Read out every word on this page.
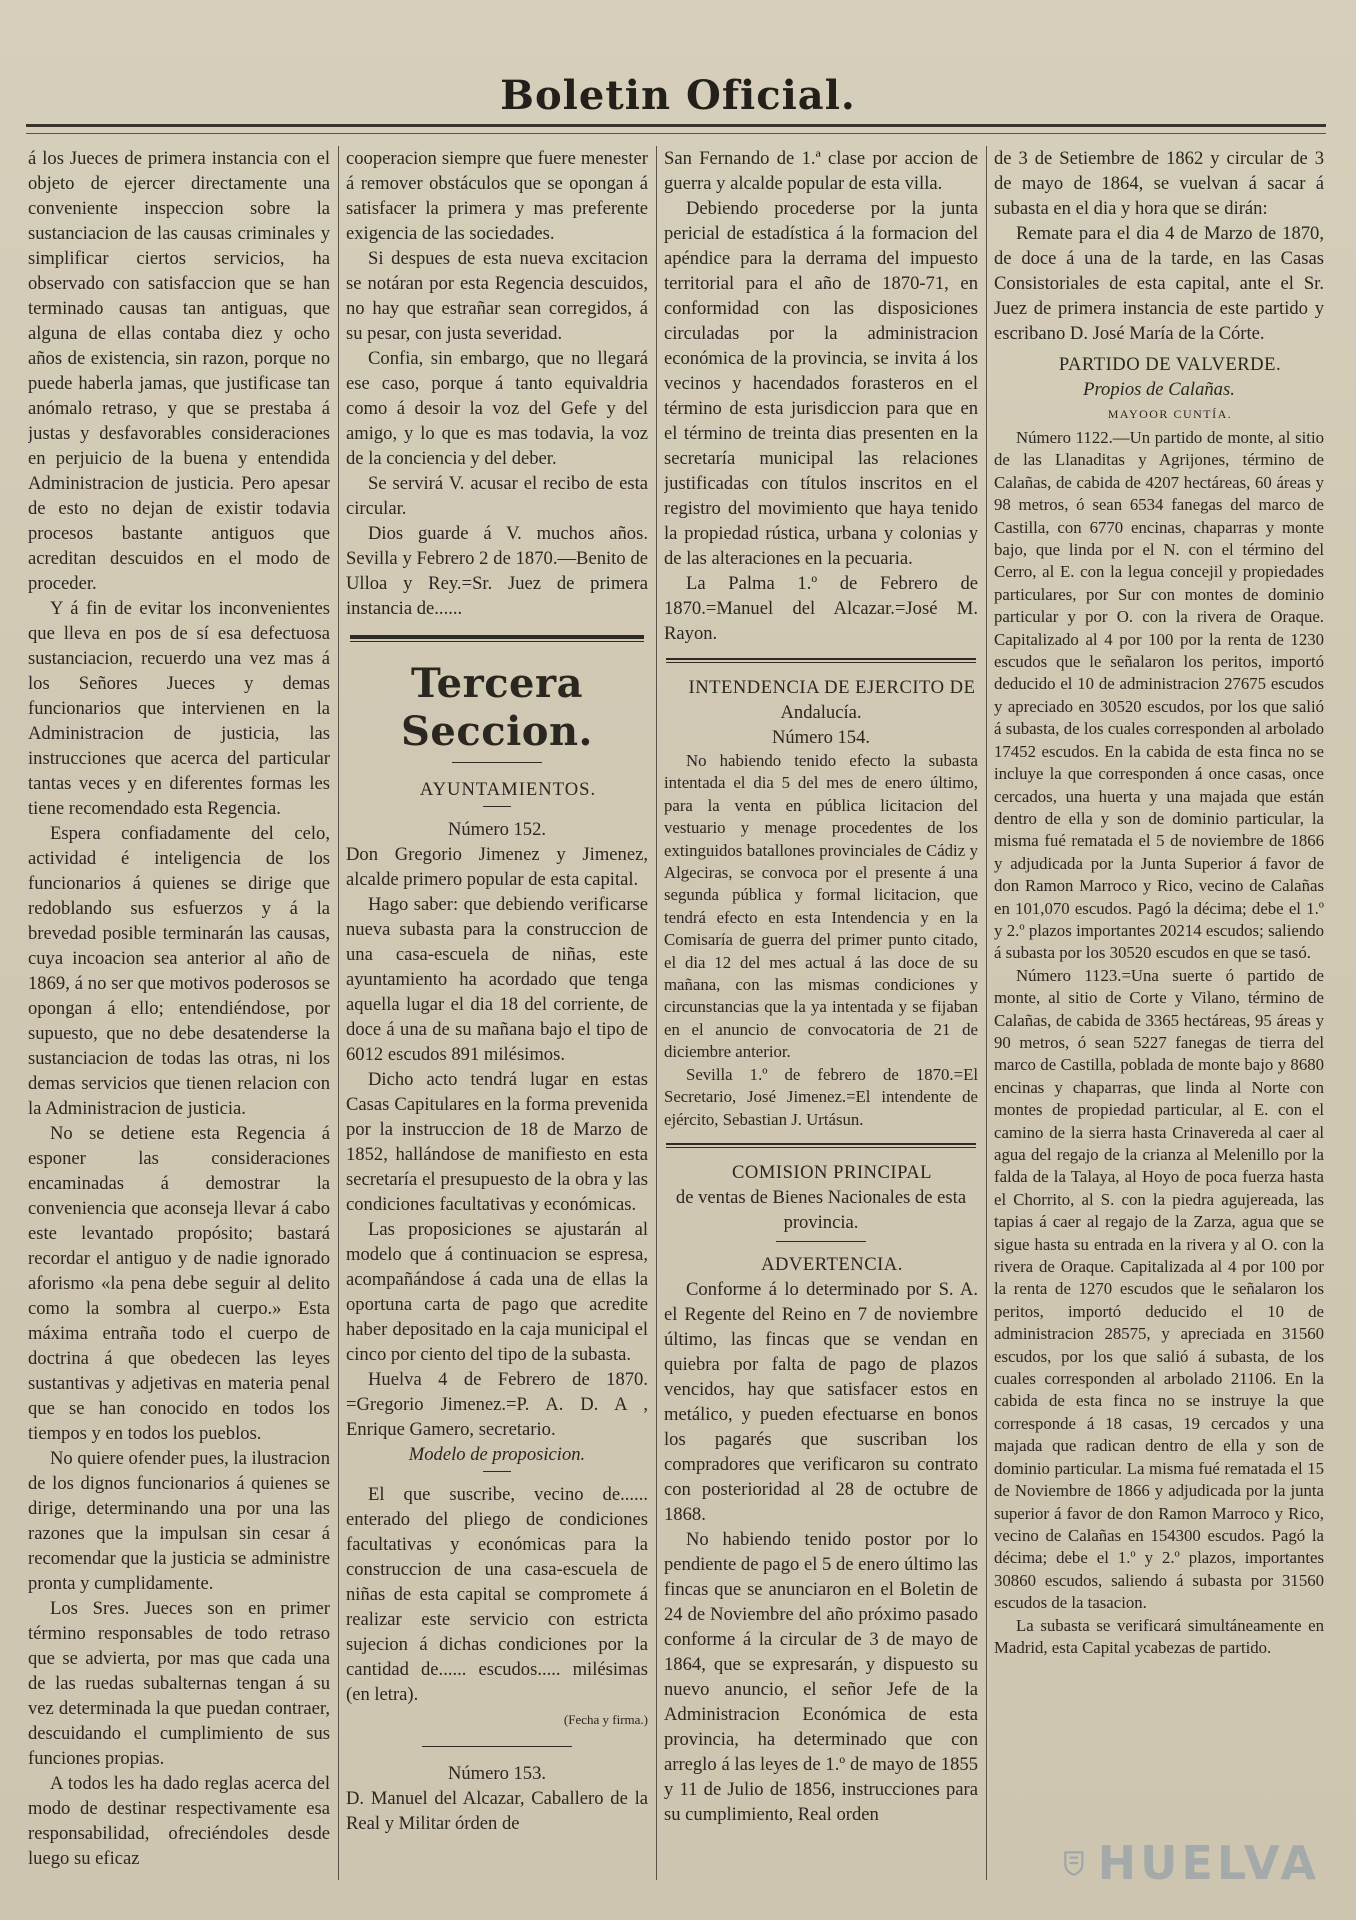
Boletin Oficial.

á los Jueces de primera instancia con el objeto de ejercer directamente una conveniente inspeccion sobre la sustanciacion de las causas criminales y simplificar ciertos servicios, ha observado con satisfaccion que se han terminado causas tan antiguas, que alguna de ellas contaba diez y ocho años de existencia, sin razon, porque no puede haberla jamas, que justificase tan anómalo retraso, y que se prestaba á justas y desfavorables consideraciones en perjuicio de la buena y entendida Administracion de justicia. Pero apesar de esto no dejan de existir todavia procesos bastante antiguos que acreditan descuidos en el modo de proceder.

Y á fin de evitar los inconvenientes que lleva en pos de sí esa defectuosa sustanciacion, recuerdo una vez mas á los Señores Jueces y demas funcionarios que intervienen en la Administracion de justicia, las instrucciones que acerca del particular tantas veces y en diferentes formas les tiene recomendado esta Regencia.

Espera confiadamente del celo, actividad é inteligencia de los funcionarios á quienes se dirige que redoblando sus esfuerzos y á la brevedad posible terminarán las causas, cuya incoacion sea anterior al año de 1869, á no ser que motivos poderosos se opongan á ello; entendiéndose, por supuesto, que no debe desatenderse la sustanciacion de todas las otras, ni los demas servicios que tienen relacion con la Administracion de justicia.

No se detiene esta Regencia á esponer las consideraciones encaminadas á demostrar la conveniencia que aconseja llevar á cabo este levantado propósito; bastará recordar el antiguo y de nadie ignorado aforismo «la pena debe seguir al delito como la sombra al cuerpo.» Esta máxima entraña todo el cuerpo de doctrina á que obedecen las leyes sustantivas y adjetivas en materia penal que se han conocido en todos los tiempos y en todos los pueblos.

No quiere ofender pues, la ilustracion de los dignos funcionarios á quienes se dirige, determinando una por una las razones que la impulsan sin cesar á recomendar que la justicia se administre pronta y cumplidamente.

Los Sres. Jueces son en primer término responsables de todo retraso que se advierta, por mas que cada una de las ruedas subalternas tengan á su vez determinada la que puedan contraer, descuidando el cumplimiento de sus funciones propias.

A todos les ha dado reglas acerca del modo de destinar respectivamente esa responsabilidad, ofreciéndoles desde luego su eficaz

cooperacion siempre que fuere menester á remover obstáculos que se opongan á satisfacer la primera y mas preferente exigencia de las sociedades.

Si despues de esta nueva excitacion se notáran por esta Regencia descuidos, no hay que estrañar sean corregidos, á su pesar, con justa severidad.

Confia, sin embargo, que no llegará ese caso, porque á tanto equivaldria como á desoir la voz del Gefe y del amigo, y lo que es mas todavia, la voz de la conciencia y del deber.

Se servirá V. acusar el recibo de esta circular.

Dios guarde á V. muchos años. Sevilla y Febrero 2 de 1870.—Benito de Ulloa y Rey.=Sr. Juez de primera instancia de......

Tercera Seccion.

AYUNTAMIENTOS.

Número 152.

Don Gregorio Jimenez y Jimenez, alcalde primero popular de esta capital.

Hago saber: que debiendo verificarse nueva subasta para la construccion de una casa-escuela de niñas, este ayuntamiento ha acordado que tenga aquella lugar el dia 18 del corriente, de doce á una de su mañana bajo el tipo de 6012 escudos 891 milésimos.

Dicho acto tendrá lugar en estas Casas Capitulares en la forma prevenida por la instruccion de 18 de Marzo de 1852, hallándose de manifiesto en esta secretaría el presupuesto de la obra y las condiciones facultativas y económicas.

Las proposiciones se ajustarán al modelo que á continuacion se espresa, acompañándose á cada una de ellas la oportuna carta de pago que acredite haber depositado en la caja municipal el cinco por ciento del tipo de la subasta.

Huelva 4 de Febrero de 1870. =Gregorio Jimenez.=P. A. D. A , Enrique Gamero, secretario.

Modelo de proposicion.

El que suscribe, vecino de...... enterado del pliego de condiciones facultativas y económicas para la construccion de una casa-escuela de niñas de esta capital se compromete á realizar este servicio con estricta sujecion á dichas condiciones por la cantidad de...... escudos..... milésimas (en letra).

(Fecha y firma.)

Número 153.

D. Manuel del Alcazar, Caballero de la Real y Militar órden de

San Fernando de 1.ª clase por accion de guerra y alcalde popular de esta villa.

Debiendo procederse por la junta pericial de estadística á la formacion del apéndice para la derrama del impuesto territorial para el año de 1870-71, en conformidad con las disposiciones circuladas por la administracion económica de la provincia, se invita á los vecinos y hacendados forasteros en el término de esta jurisdiccion para que en el término de treinta dias presenten en la secretaría municipal las relaciones justificadas con títulos inscritos en el registro del movimiento que haya tenido la propiedad rústica, urbana y colonias y de las alteraciones en la pecuaria.

La Palma 1.º de Febrero de 1870.=Manuel del Alcazar.=José M. Rayon.

INTENDENCIA DE EJERCITO DE

Andalucía.

Número 154.

No habiendo tenido efecto la subasta intentada el dia 5 del mes de enero último, para la venta en pública licitacion del vestuario y menage procedentes de los extinguidos batallones provinciales de Cádiz y Algeciras, se convoca por el presente á una segunda pública y formal licitacion, que tendrá efecto en esta Intendencia y en la Comisaría de guerra del primer punto citado, el dia 12 del mes actual á las doce de su mañana, con las mismas condiciones y circunstancias que la ya intentada y se fijaban en el anuncio de convocatoria de 21 de diciembre anterior.

Sevilla 1.º de febrero de 1870.=El Secretario, José Jimenez.=El intendente de ejército, Sebastian J. Urtásun.

COMISION PRINCIPAL

de ventas de Bienes Nacionales de esta provincia.

ADVERTENCIA.

Conforme á lo determinado por S. A. el Regente del Reino en 7 de noviembre último, las fincas que se vendan en quiebra por falta de pago de plazos vencidos, hay que satisfacer estos en metálico, y pueden efectuarse en bonos los pagarés que suscriban los compradores que verificaron su contrato con posterioridad al 28 de octubre de 1868.

No habiendo tenido postor por lo pendiente de pago el 5 de enero último las fincas que se anunciaron en el Boletin de 24 de Noviembre del año próximo pasado conforme á la circular de 3 de mayo de 1864, que se expresarán, y dispuesto su nuevo anuncio, el señor Jefe de la Administracion Económica de esta provincia, ha determinado que con arreglo á las leyes de 1.º de mayo de 1855 y 11 de Julio de 1856, instrucciones para su cumplimiento, Real orden

de 3 de Setiembre de 1862 y circular de 3 de mayo de 1864, se vuelvan á sacar á subasta en el dia y hora que se dirán:

Remate para el dia 4 de Marzo de 1870, de doce á una de la tarde, en las Casas Consistoriales de esta capital, ante el Sr. Juez de primera instancia de este partido y escribano D. José María de la Córte.

PARTIDO DE VALVERDE.

Propios de Calañas.

MAYOOR CUNTÍA.

Número 1122.—Un partido de monte, al sitio de las Llanaditas y Agrijones, término de Calañas, de cabida de 4207 hectáreas, 60 áreas y 98 metros, ó sean 6534 fanegas del marco de Castilla, con 6770 encinas, chaparras y monte bajo, que linda por el N. con el término del Cerro, al E. con la legua concejil y propiedades particulares, por Sur con montes de dominio particular y por O. con la rivera de Oraque. Capitalizado al 4 por 100 por la renta de 1230 escudos que le señalaron los peritos, importó deducido el 10 de administracion 27675 escudos y apreciado en 30520 escudos, por los que salió á subasta, de los cuales corresponden al arbolado 17452 escudos. En la cabida de esta finca no se incluye la que corresponden á once casas, once cercados, una huerta y una majada que están dentro de ella y son de dominio particular, la misma fué rematada el 5 de noviembre de 1866 y adjudicada por la Junta Superior á favor de don Ramon Marroco y Rico, vecino de Calañas en 101,070 escudos. Pagó la décima; debe el 1.º y 2.º plazos importantes 20214 escudos; saliendo á subasta por los 30520 escudos en que se tasó.

Número 1123.=Una suerte ó partido de monte, al sitio de Corte y Vilano, término de Calañas, de cabida de 3365 hectáreas, 95 áreas y 90 metros, ó sean 5227 fanegas de tierra del marco de Castilla, poblada de monte bajo y 8680 encinas y chaparras, que linda al Norte con montes de propiedad particular, al E. con el camino de la sierra hasta Crinavereda al caer al agua del regajo de la crianza al Melenillo por la falda de la Talaya, al Hoyo de poca fuerza hasta el Chorrito, al S. con la piedra agujereada, las tapias á caer al regajo de la Zarza, agua que se sigue hasta su entrada en la rivera y al O. con la rivera de Oraque. Capitalizada al 4 por 100 por la renta de 1270 escudos que le señalaron los peritos, importó deducido el 10 de administracion 28575, y apreciada en 31560 escudos, por los que salió á subasta, de los cuales corresponden al arbolado 21106. En la cabida de esta finca no se instruye la que corresponde á 18 casas, 19 cercados y una majada que radican dentro de ella y son de dominio particular. La misma fué rematada el 15 de Noviembre de 1866 y adjudicada por la junta superior á favor de don Ramon Marroco y Rico, vecino de Calañas en 154300 escudos. Pagó la décima; debe el 1.º y 2.º plazos, importantes 30860 escudos, saliendo á subasta por 31560 escudos de la tasacion.

La subasta se verificará simultáneamente en Madrid, esta Capital ycabezas de partido.

HUELVA
